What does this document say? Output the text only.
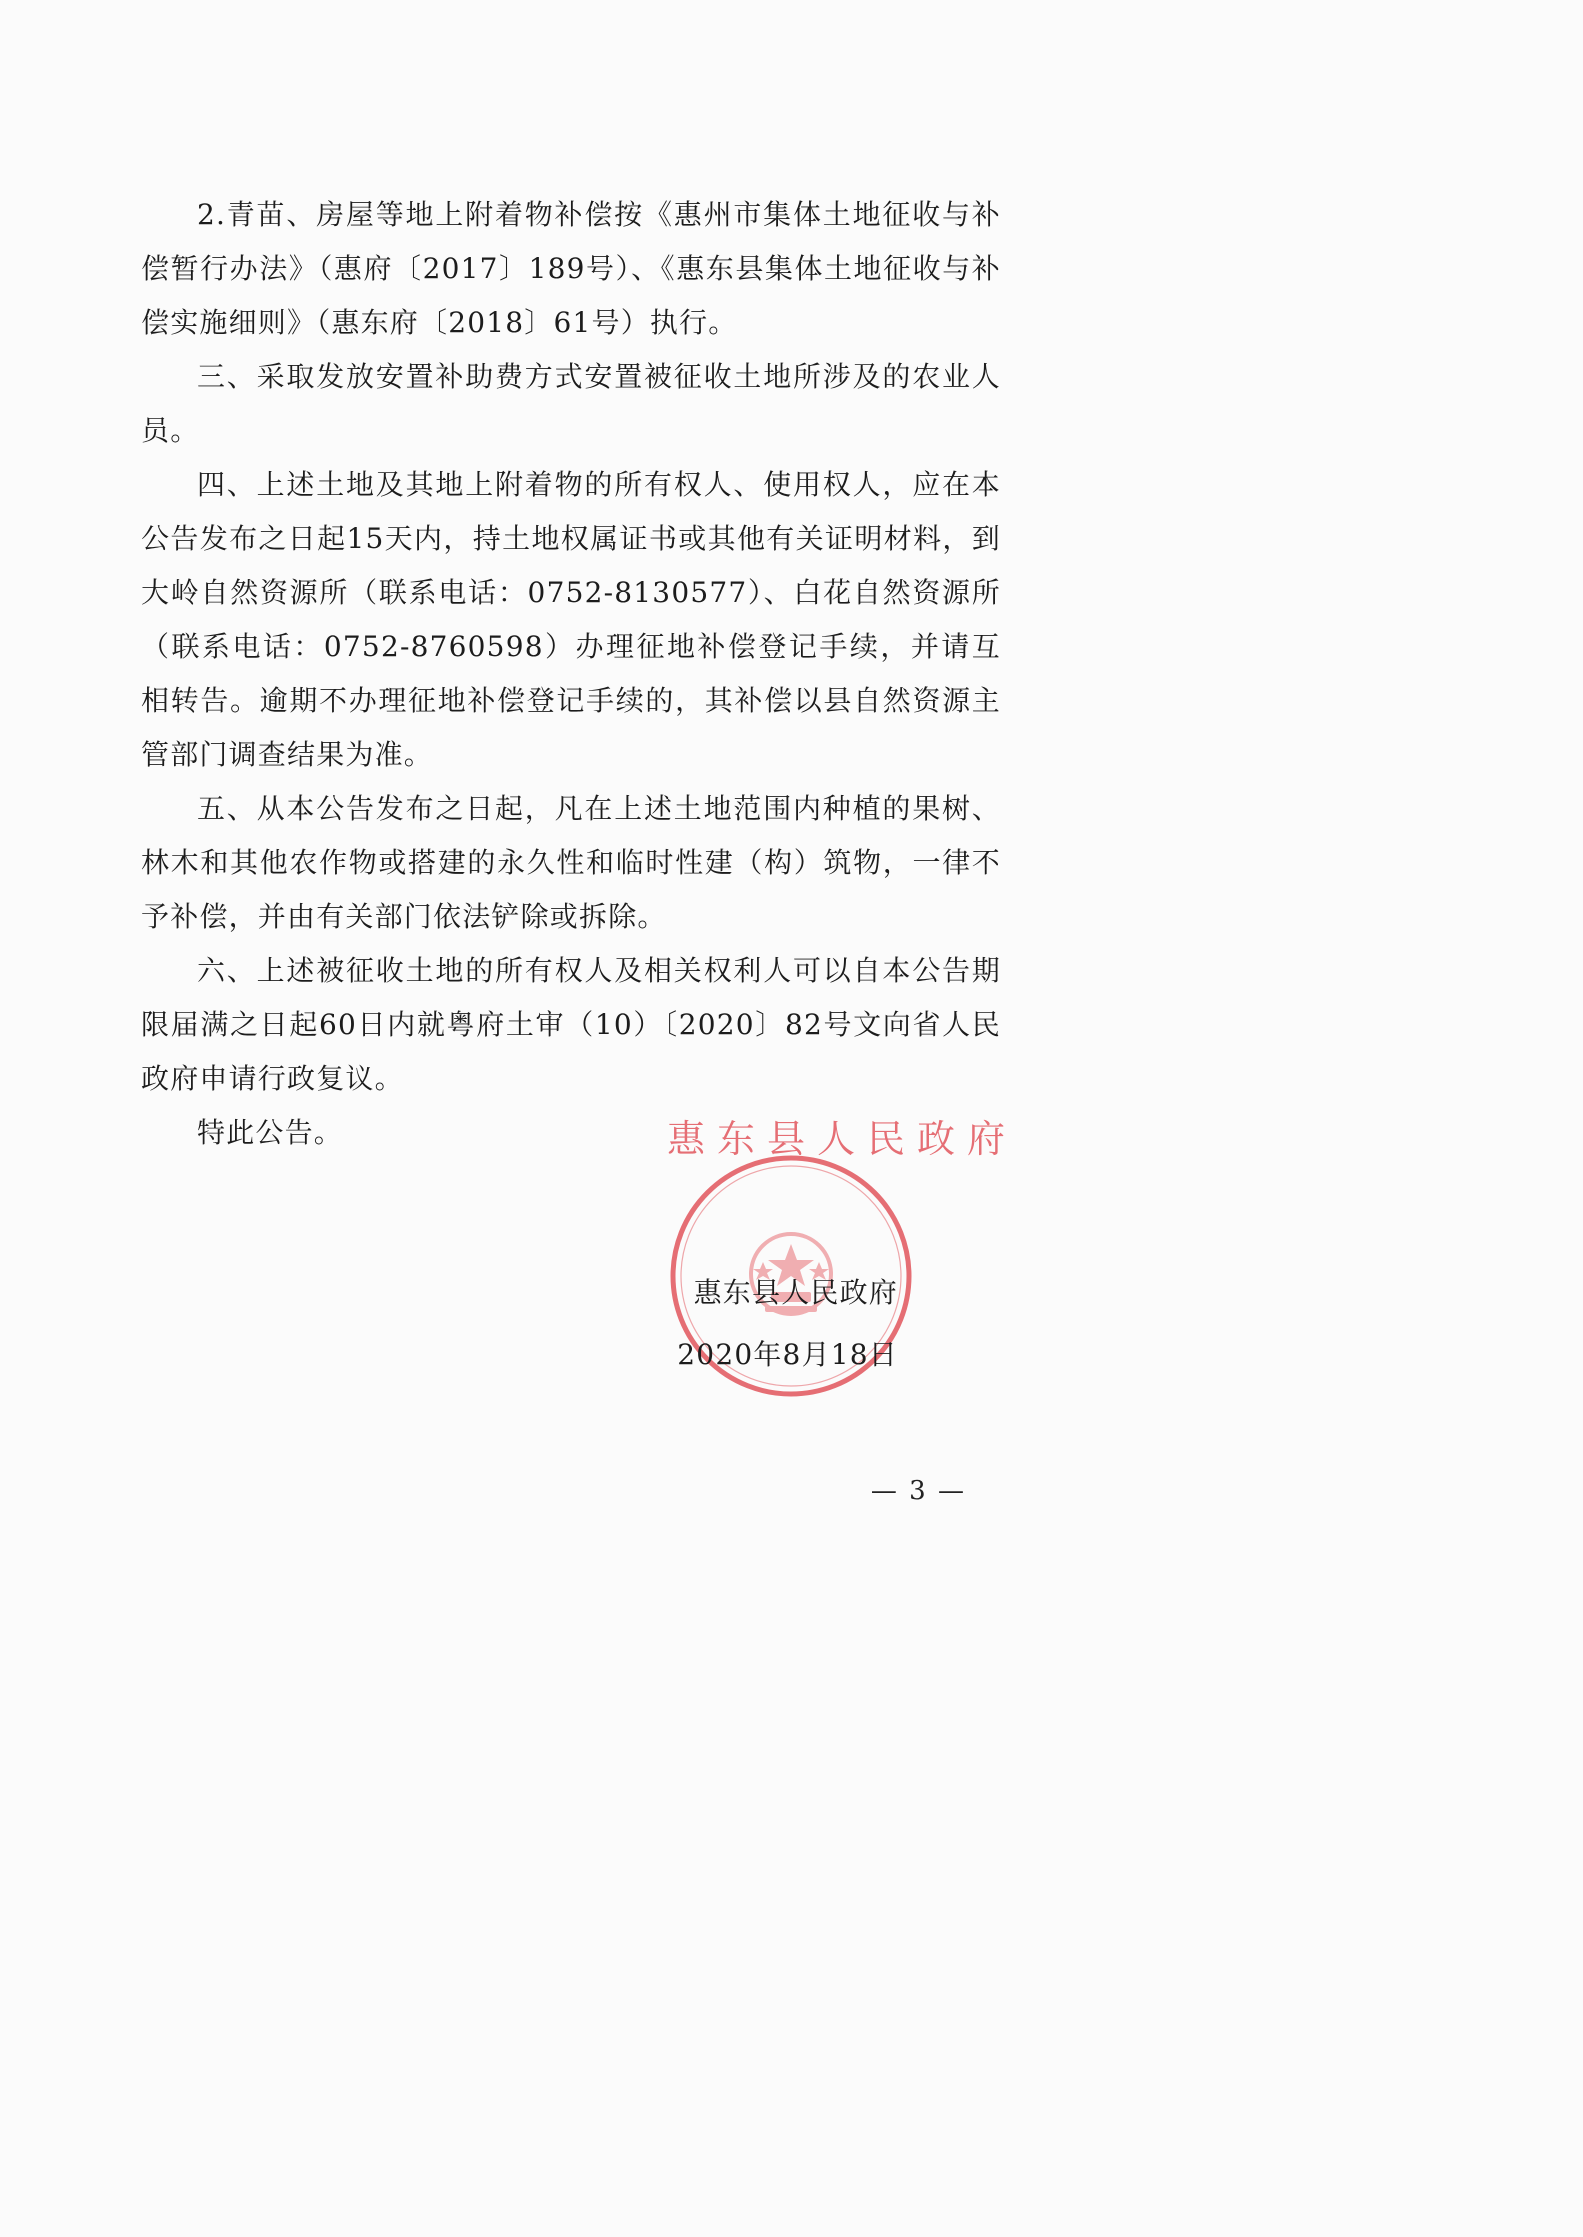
2.青苗、房屋等地上附着物补偿按《惠州市集体土地征收与补偿暂行办法》（惠府〔2017〕189号）、《惠东县集体土地征收与补偿实施细则》（惠东府〔2018〕61号）执行。

三、采取发放安置补助费方式安置被征收土地所涉及的农业人员。

四、上述土地及其地上附着物的所有权人、使用权人，应在本公告发布之日起15天内，持土地权属证书或其他有关证明材料，到大岭自然资源所（联系电话：0752-8130577）、白花自然资源所（联系电话：0752-8760598）办理征地补偿登记手续，并请互相转告。逾期不办理征地补偿登记手续的，其补偿以县自然资源主管部门调查结果为准。

五、从本公告发布之日起，凡在上述土地范围内种植的果树、林木和其他农作物或搭建的永久性和临时性建（构）筑物，一律不予补偿，并由有关部门依法铲除或拆除。

六、上述被征收土地的所有权人及相关权利人可以自本公告期限届满之日起60日内就粤府土审（10）〔2020〕82号文向省人民政府申请行政复议。

特此公告。	惠东县人民政府
惠东县人民政府
2020年8月18日
— 3 —
